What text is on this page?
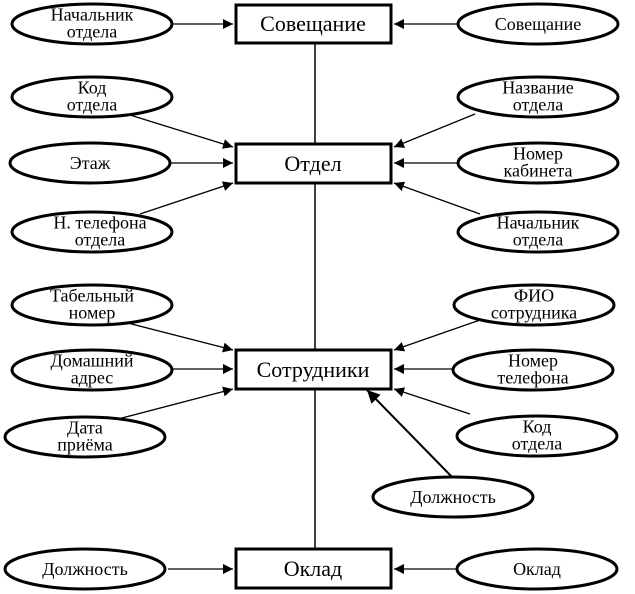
Совещание
Отдел
Сотрудники
Оклад
Начальник отдела	Совещание
Код отдела
Этаж
Н. телефона отдела
Название отдела
Номер кабинета
Начальник отдела
Табельный номер
Домашний адрес
Дата приёма
ФИО сотрудника
Номер телефона
Код отдела
Должность
Должность	Оклад
